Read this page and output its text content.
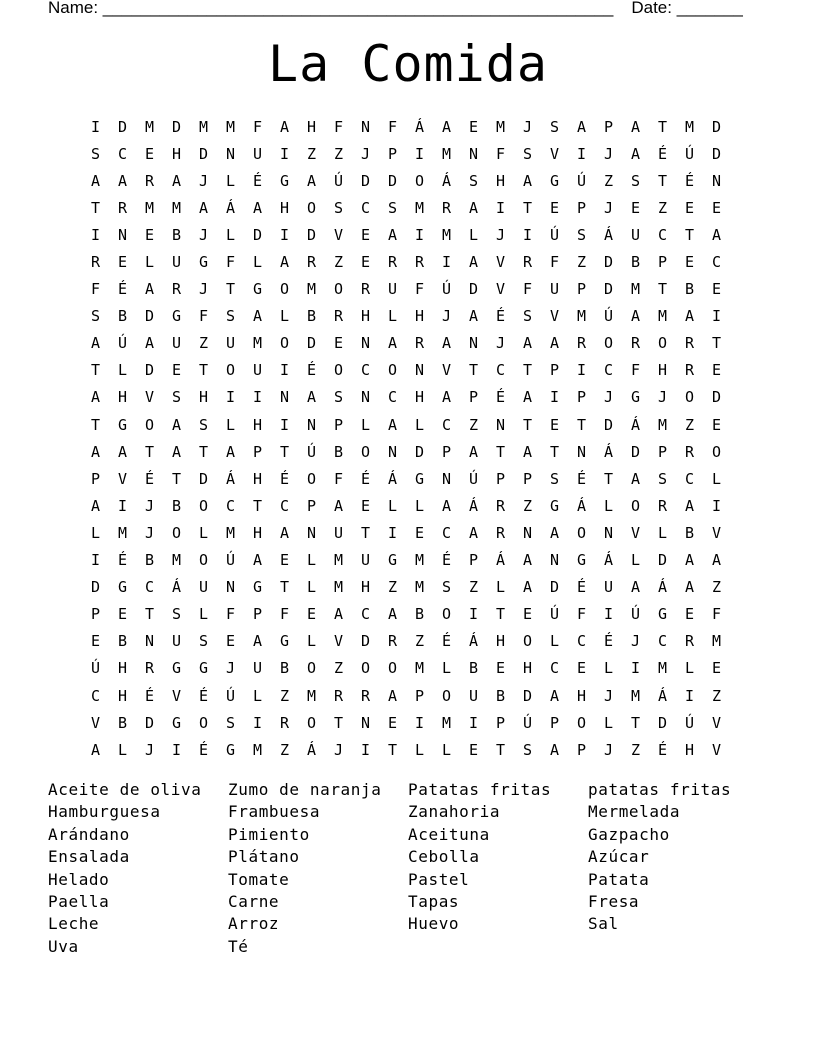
Name: ______________________________________________________ Date: _______
La Comida
I	D	M	D	M	M	F	A	H	F	N	F	Á	A	E	M	J	S	A	P	A	T	M	D
S	C	E	H	D	N	U	I	Z	Z	J	P	I	M	N	F	S	V	I	J	A	É	Ú	D
A	A	R	A	J	L	É	G	A	Ú	D	D	O	Á	S	H	A	G	Ú	Z	S	T	É	N
T	R	M	M	A	Á	A	H	O	S	C	S	M	R	A	I	T	E	P	J	E	Z	E	E
I	N	E	B	J	L	D	I	D	V	E	A	I	M	L	J	I	Ú	S	Á	U	C	T	A
R	E	L	U	G	F	L	A	R	Z	E	R	R	I	A	V	R	F	Z	D	B	P	E	C
F	É	A	R	J	T	G	O	M	O	R	U	F	Ú	D	V	F	U	P	D	M	T	B	E
S	B	D	G	F	S	A	L	B	R	H	L	H	J	A	É	S	V	M	Ú	A	M	A	I
A	Ú	A	U	Z	U	M	O	D	E	N	A	R	A	N	J	A	A	R	O	R	O	R	T
T	L	D	E	T	O	U	I	É	O	C	O	N	V	T	C	T	P	I	C	F	H	R	E
A	H	V	S	H	I	I	N	A	S	N	C	H	A	P	É	A	I	P	J	G	J	O	D
T	G	O	A	S	L	H	I	N	P	L	A	L	C	Z	N	T	E	T	D	Á	M	Z	E
A	A	T	A	T	A	P	T	Ú	B	O	N	D	P	A	T	A	T	N	Á	D	P	R	O
P	V	É	T	D	Á	H	É	O	F	É	Á	G	N	Ú	P	P	S	É	T	A	S	C	L
A	I	J	B	O	C	T	C	P	A	E	L	L	A	Á	R	Z	G	Á	L	O	R	A	I
L	M	J	O	L	M	H	A	N	U	T	I	E	C	A	R	N	A	O	N	V	L	B	V
I	É	B	M	O	Ú	A	E	L	M	U	G	M	É	P	Á	A	N	G	Á	L	D	A	A
D	G	C	Á	U	N	G	T	L	M	H	Z	M	S	Z	L	A	D	É	U	A	Á	A	Z
P	E	T	S	L	F	P	F	E	A	C	A	B	O	I	T	E	Ú	F	I	Ú	G	E	F
E	B	N	U	S	E	A	G	L	V	D	R	Z	É	Á	H	O	L	C	É	J	C	R	M
Ú	H	R	G	G	J	U	B	O	Z	O	O	M	L	B	E	H	C	E	L	I	M	L	E
C	H	É	V	É	Ú	L	Z	M	R	R	A	P	O	U	B	D	A	H	J	M	Á	I	Z
V	B	D	G	O	S	I	R	O	T	N	E	I	M	I	P	Ú	P	O	L	T	D	Ú	V
A	L	J	I	É	G	M	Z	Á	J	I	T	L	L	E	T	S	A	P	J	Z	É	H	V
Aceite de oliva	Zumo de naranja	Patatas fritas	patatas fritas
Hamburguesa	Frambuesa	Zanahoria	Mermelada
Arándano	Pimiento	Aceituna	Gazpacho
Ensalada	Plátano	Cebolla	Azúcar
Helado	Tomate	Pastel	Patata
Paella	Carne	Tapas	Fresa
Leche	Arroz	Huevo	Sal
Uva	Té
